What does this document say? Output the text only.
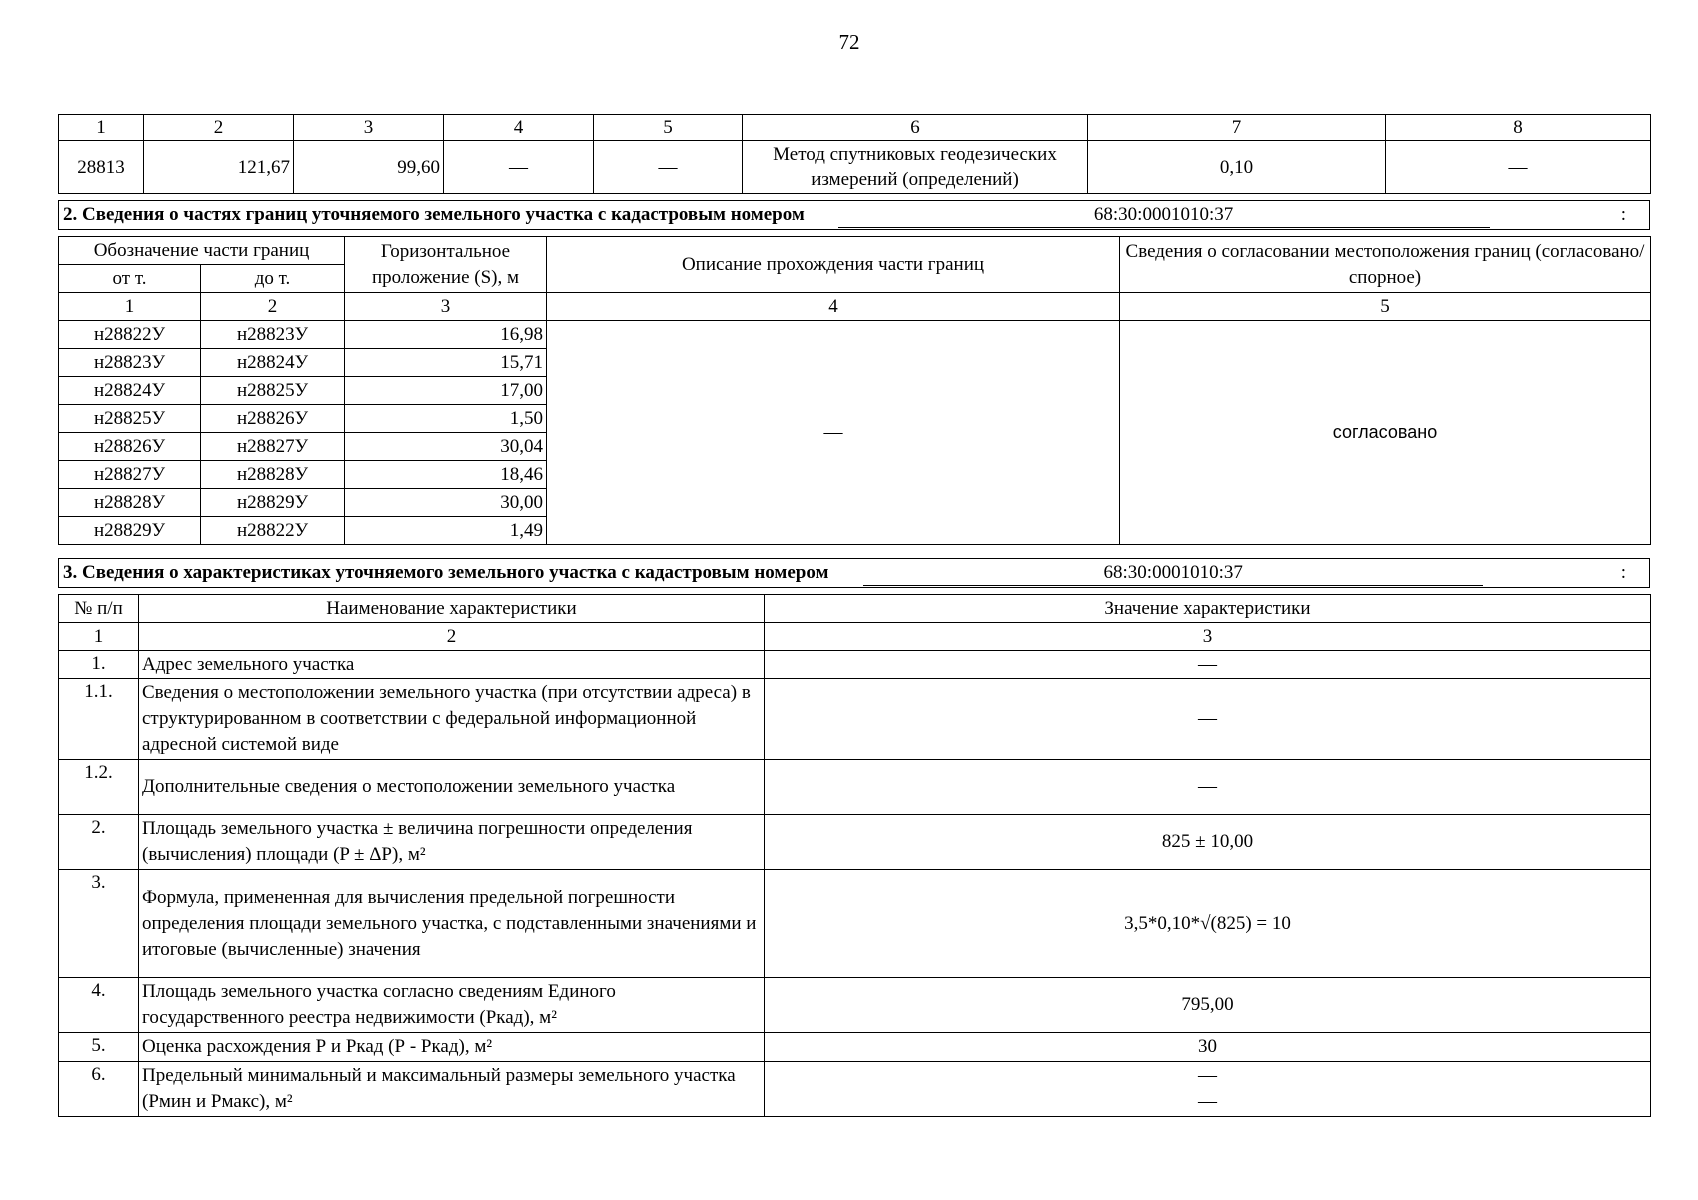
72
1	2	3	4	5	6	7	8
28813	121,67	99,60	—	—	Метод спутниковых геодезических измерений (определений)	0,10	—
2. Сведения о частях границ уточняемого земельного участка с кадастровым номером	68:30:0001010:37	:
Обозначение части границ		Горизонтальное проложение (S), м	Описание прохождения части границ	Сведения о согласовании местоположения границ (согласовано/спорное)
от т.	до т.			
1	2	3	4	5
н28822У	н28823У	16,98	—	согласовано
н28823У	н28824У	15,71		
н28824У	н28825У	17,00		
н28825У	н28826У	1,50		
н28826У	н28827У	30,04		
н28827У	н28828У	18,46		
н28828У	н28829У	30,00		
н28829У	н28822У	1,49		
3. Сведения о характеристиках уточняемого земельного участка с кадастровым номером	68:30:0001010:37	:
№ п/п	Наименование характеристики	Значение характеристики
1	2	3
1.	Адрес земельного участка	—
1.1.	Сведения о местоположении земельного участка (при отсутствии адреса) в структурированном в соответствии с федеральной информационной адресной системой виде	—
1.2.	Дополнительные сведения о местоположении земельного участка	—
2.	Площадь земельного участка ± величина погрешности определения (вычисления) площади (P ± ΔP), м²	825 ± 10,00
3.	Формула, примененная для вычисления предельной погрешности определения площади земельного участка, с подставленными значениями и итоговые (вычисленные) значения	3,5*0,10*√(825) = 10
4.	Площадь земельного участка согласно сведениям Единого государственного реестра недвижимости (Ркад), м²	795,00
5.	Оценка расхождения Р и Ркад (Р - Ркад), м²	30
6.	Предельный минимальный и максимальный размеры земельного участка (Рмин и Рмакс), м²	—
—
